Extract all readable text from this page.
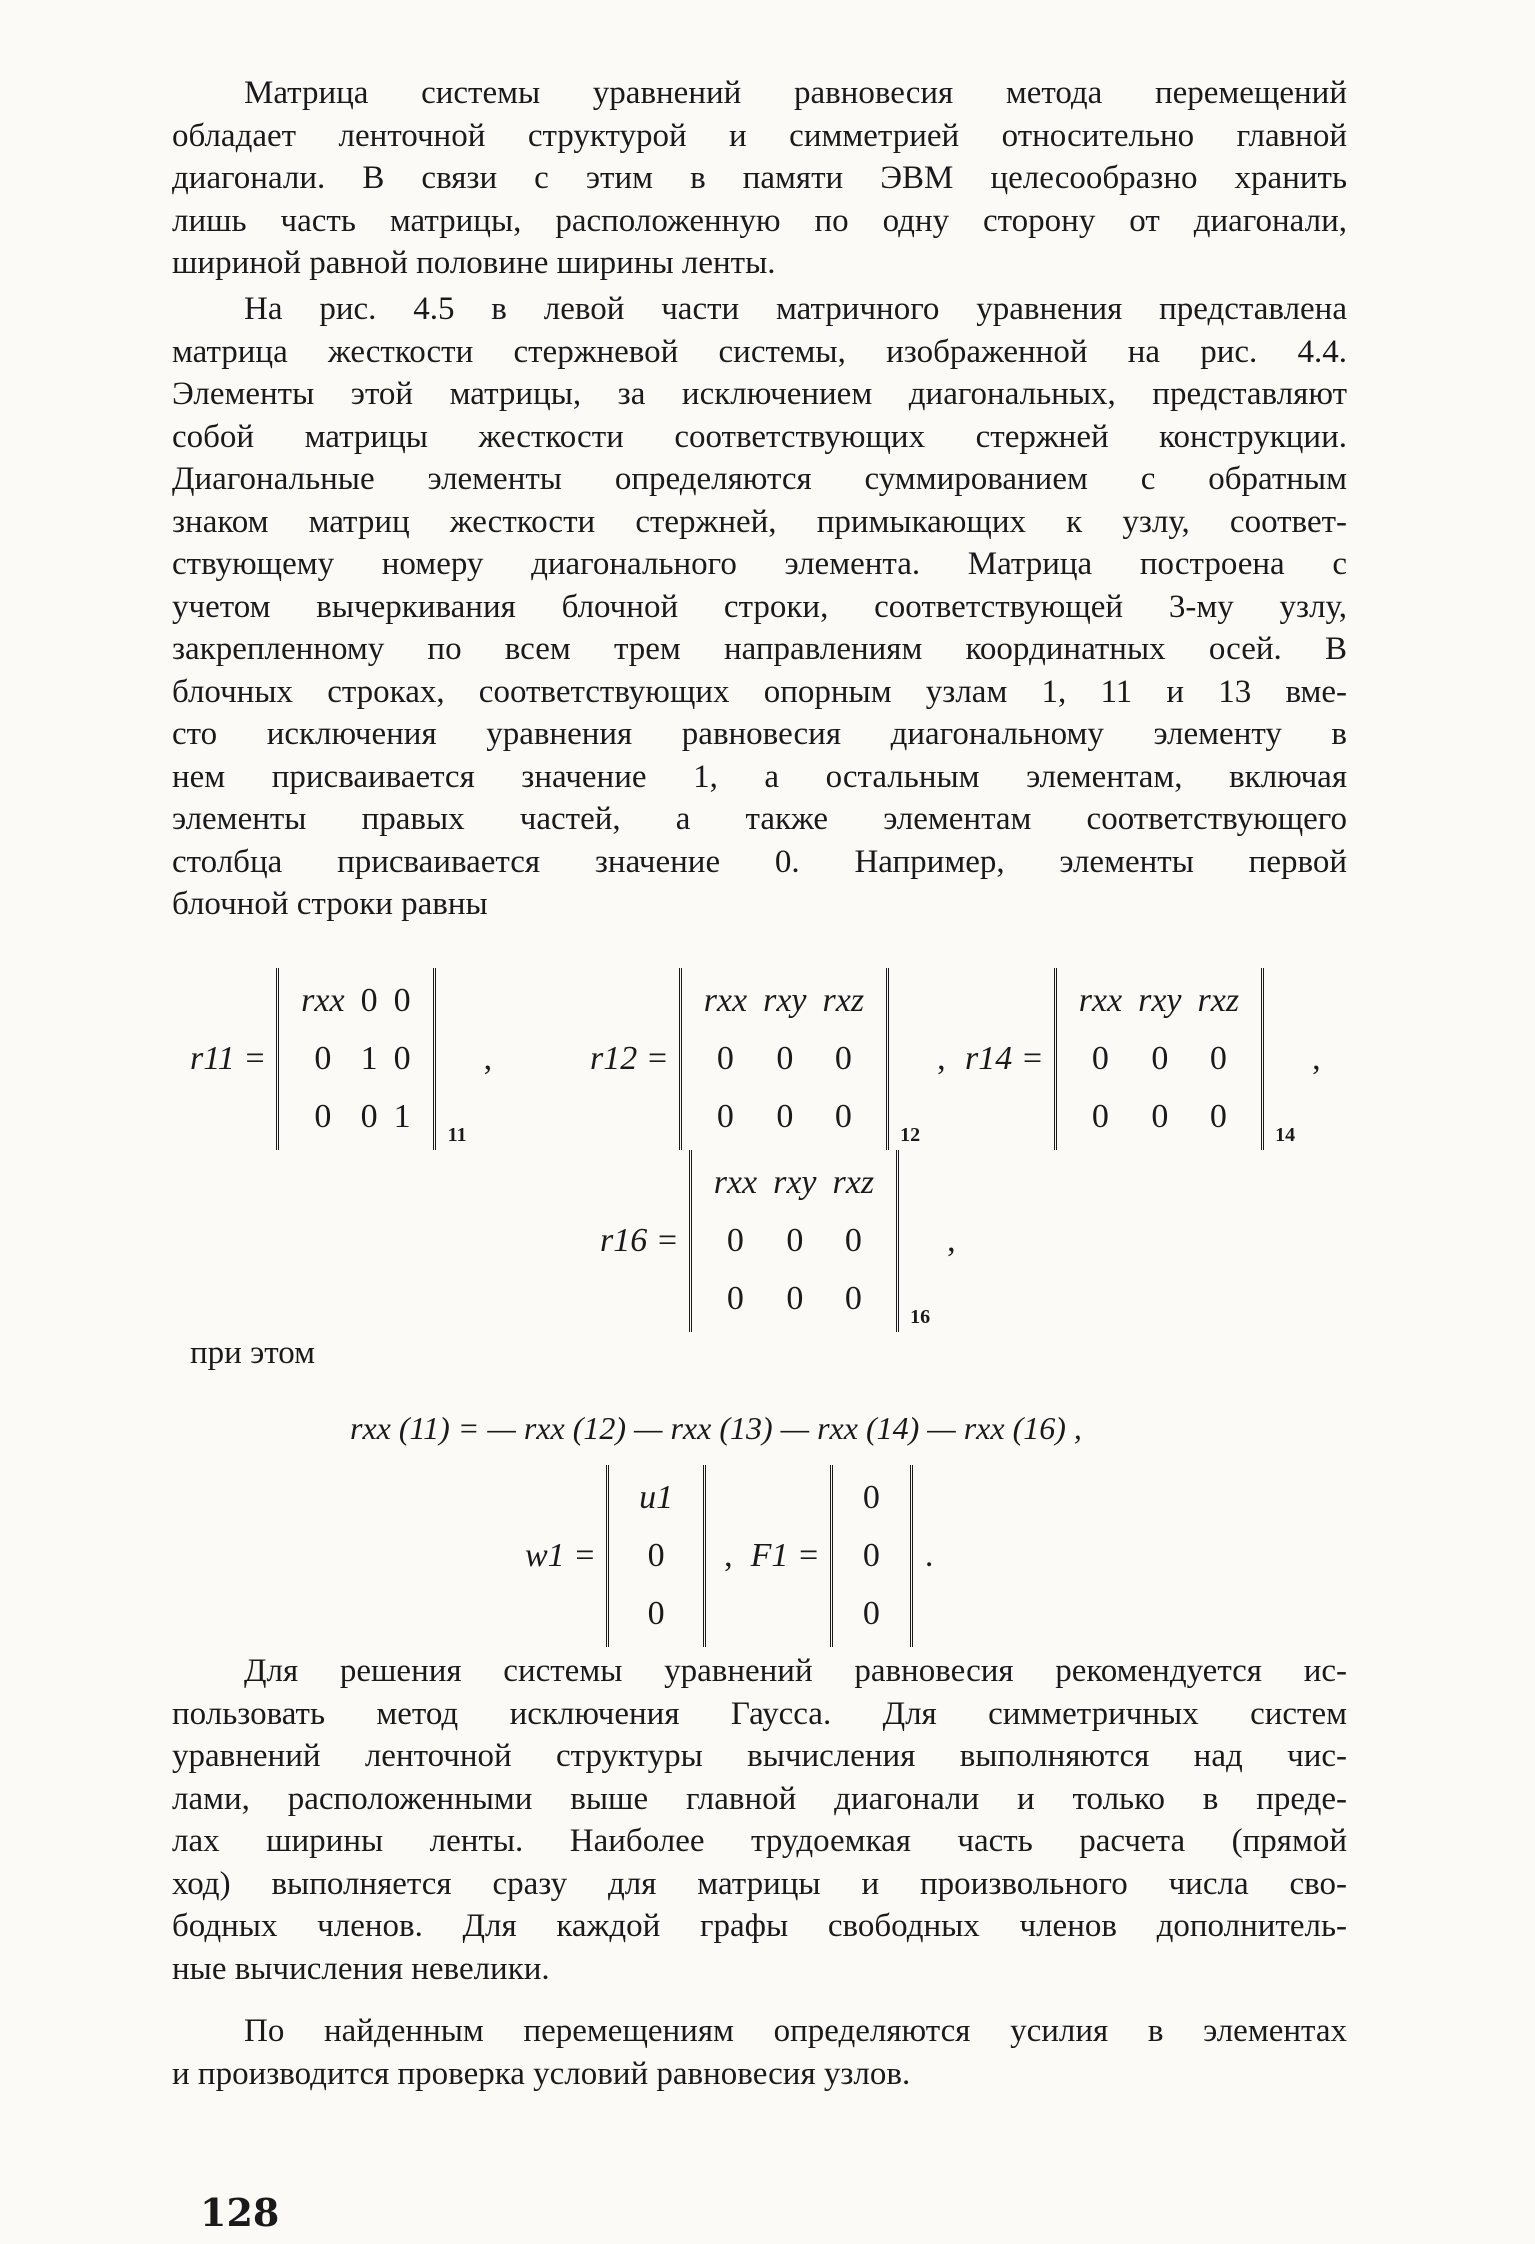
Матрица системы уравнений равновесия метода перемещений
обладает ленточной структурой и симметрией относительно главной
диагонали. В связи с этим в памяти ЭВМ целесообразно хранить
лишь часть матрицы, расположенную по одну сторону от диагонали,
шириной равной половине ширины ленты.
На рис. 4.5 в левой части матричного уравнения представлена
матрица жесткости стержневой системы, изображенной на рис. 4.4.
Элементы этой матрицы, за исключением диагональных, представляют
собой матрицы жесткости соответствующих стержней конструкции.
Диагональные элементы определяются суммированием с обратным
знаком матриц жесткости стержней, примыкающих к узлу, соответ-
ствующему номеру диагонального элемента. Матрица построена с
учетом вычеркивания блочной строки, соответствующей 3-му узлу,
закрепленному по всем трем направлениям координатных осей. В
блочных строках, соответствующих опорным узлам 1, 11 и 13 вме-
сто исключения уравнения равновесия диагональному элементу в
нем присваивается значение 1, а остальным элементам, включая
элементы правых частей, а также элементам соответствующего
столбца присваивается значение 0. Например, элементы первой
блочной строки равны
r11 =
rxx 0 0
0 1 0
0 0 1	11
,	r12 =
rxx rxy rxz
0	0	0
0	0	0	12
, r14 =
rxx rxy rxz
0	0	0
0	0	0	14
,
r16 =
rxx rxy rxz
0	0	0
0	0	0	16
,
при этом
rxx (11) = — rxx (12) — rxx (13) — rxx (14) — rxx (16) ,
w1 =
u1
0
0
, F1 =
0
0
0
.
Для решения системы уравнений равновесия рекомендуется ис-
пользовать метод исключения Гаусса. Для симметричных систем
уравнений ленточной структуры вычисления выполняются над чис-
лами, расположенными выше главной диагонали и только в преде-
лах ширины ленты. Наиболее трудоемкая часть расчета (прямой
ход) выполняется сразу для матрицы и произвольного числа сво-
бодных членов. Для каждой графы свободных членов дополнитель-
ные вычисления невелики.
По найденным перемещениям определяются усилия в элементах
и производится проверка условий равновесия узлов.
128
